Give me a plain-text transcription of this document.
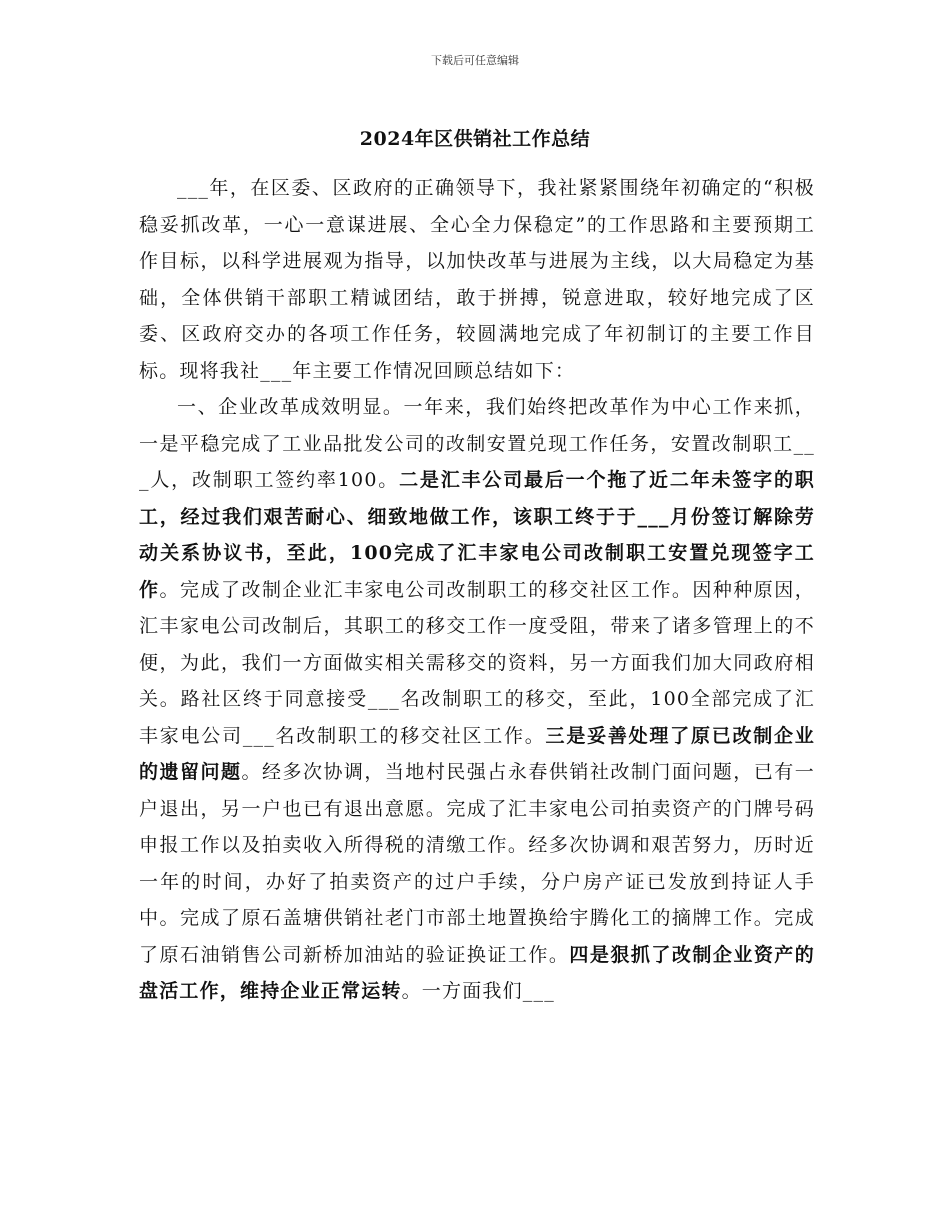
下载后可任意编辑
2024年区供销社工作总结

___年，在区委、区政府的正确领导下，我社紧紧围绕年初确定的“积极稳妥抓改革，一心一意谋进展、全心全力保稳定”的工作思路和主要预期工作目标，以科学进展观为指导，以加快改革与进展为主线，以大局稳定为基础，全体供销干部职工精诚团结，敢于拼搏，锐意进取，较好地完成了区委、区政府交办的各项工作任务，较圆满地完成了年初制订的主要工作目标。现将我社___年主要工作情况回顾总结如下：

一、企业改革成效明显。一年来，我们始终把改革作为中心工作来抓，一是平稳完成了工业品批发公司的改制安置兑现工作任务，安置改制职工___人，改制职工签约率100。二是汇丰公司最后一个拖了近二年未签字的职工，经过我们艰苦耐心、细致地做工作，该职工终于于___月份签订解除劳动关系协议书，至此，100完成了汇丰家电公司改制职工安置兑现签字工作。完成了改制企业汇丰家电公司改制职工的移交社区工作。因种种原因，汇丰家电公司改制后，其职工的移交工作一度受阻，带来了诸多管理上的不便，为此，我们一方面做实相关需移交的资料，另一方面我们加大同政府相关。路社区终于同意接受___名改制职工的移交，至此，100全部完成了汇丰家电公司___名改制职工的移交社区工作。三是妥善处理了原已改制企业的遗留问题。经多次协调，当地村民强占永春供销社改制门面问题，已有一户退出，另一户也已有退出意愿。完成了汇丰家电公司拍卖资产的门牌号码申报工作以及拍卖收入所得税的清缴工作。经多次协调和艰苦努力，历时近一年的时间，办好了拍卖资产的过户手续，分户房产证已发放到持证人手中。完成了原石盖塘供销社老门市部土地置换给宇腾化工的摘牌工作。完成了原石油销售公司新桥加油站的验证换证工作。四是狠抓了改制企业资产的盘活工作，维持企业正常运转。一方面我们___
